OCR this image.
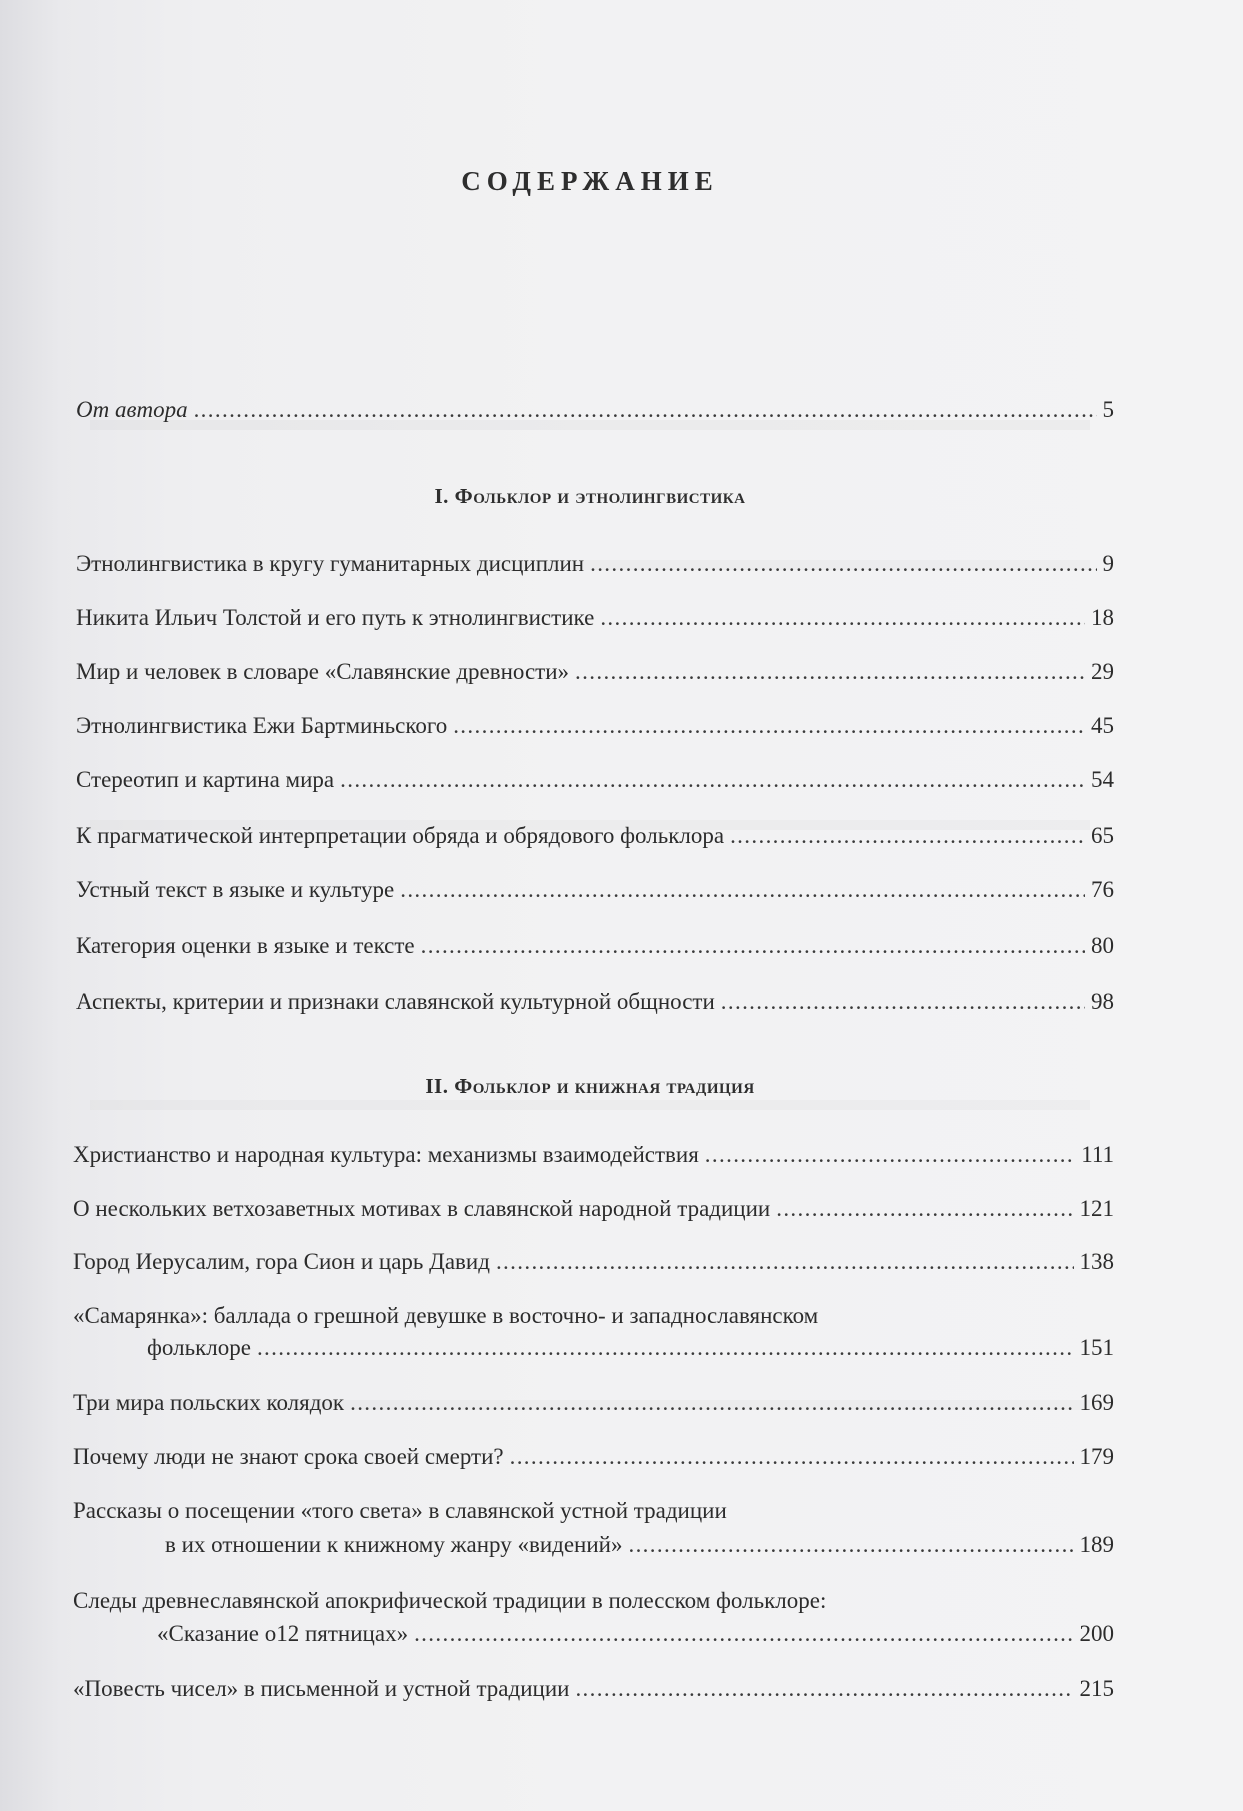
СОДЕРЖАНИЕ
От автора . . .	5
I. Фольклор и этнолингвистика
Этнолингвистика в кругу гуманитарных дисциплин . . .	9
Никита Ильич Толстой и его путь к этнолингвистике . . .	18
Мир и человек в словаре «Славянские древности» . . .	29
Этнолингвистика Ежи Бартминьского . . .	45
Стереотип и картина мира . . .	54
К прагматической интерпретации обряда и обрядового фольклора . . .	65
Устный текст в языке и культуре . . .	76
Категория оценки в языке и тексте . . .	80
Аспекты, критерии и признаки славянской культурной общности . . .	98
II. Фольклор и книжная традиция
Христианство и народная культура: механизмы взаимодействия . . .	111
О нескольких ветхозаветных мотивах в славянской народной традиции . . .	121
Город Иерусалим, гора Сион и царь Давид . . .	138
«Самарянка»: баллада о грешной девушке в восточно- и западнославянском
фольклоре . . .	151
Три мира польских колядок . . .	169
Почему люди не знают срока своей смерти? . . .	179
Рассказы о посещении «того света» в славянской устной традиции
в их отношении к книжному жанру «видений» . . .	189
Следы древнеславянской апокрифической традиции в полесском фольклоре:
«Сказание о12 пятницах» . . .	200
«Повесть чисел» в письменной и устной традиции . . .	215
